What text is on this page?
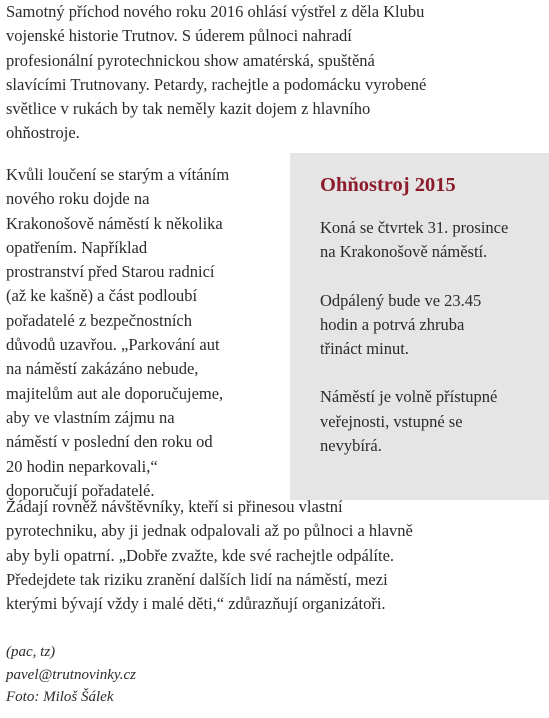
Samotný příchod nového roku 2016 ohlásí výstřel z děla Klubu
vojenské historie Trutnov. S úderem půlnoci nahradí
profesionální pyrotechnickou show amatérská, spuštěná
slavícími Trutnovany. Petardy, rachejtle a podomácku vyrobené
světlice v rukách by tak neměly kazit dojem z hlavního
ohňostroje.

Kvůli loučení se starým a vítáním
nového roku dojde na
Krakonošově náměstí k několika
opatřením. Například
prostranství před Starou radnicí
(až ke kašně) a část podloubí
pořadatelé z bezpečnostních
důvodů uzavřou. „Parkování aut
na náměstí zakázáno nebude,
majitelům aut ale doporučujeme,
aby ve vlastním zájmu na
náměstí v poslední den roku od
20 hodin neparkovali,“
doporučují pořadatelé.

Ohňostroj 2015

Koná se čtvrtek 31. prosince
na Krakonošově náměstí.

Odpálený bude ve 23.45
hodin a potrvá zhruba
třináct minut.

Náměstí je volně přístupné
veřejnosti, vstupné se
nevybírá.

Žádají rovněž návštěvníky, kteří si přinesou vlastní
pyrotechniku, aby ji jednak odpalovali až po půlnoci a hlavně
aby byli opatrní. „Dobře zvažte, kde své rachejtle odpálíte.
Předejdete tak riziku zranění dalších lidí na náměstí, mezi
kterými bývají vždy i malé děti,“ zdůrazňují organizátoři.

(pac, tz)
pavel@trutnovinky.cz
Foto: Miloš Šálek
